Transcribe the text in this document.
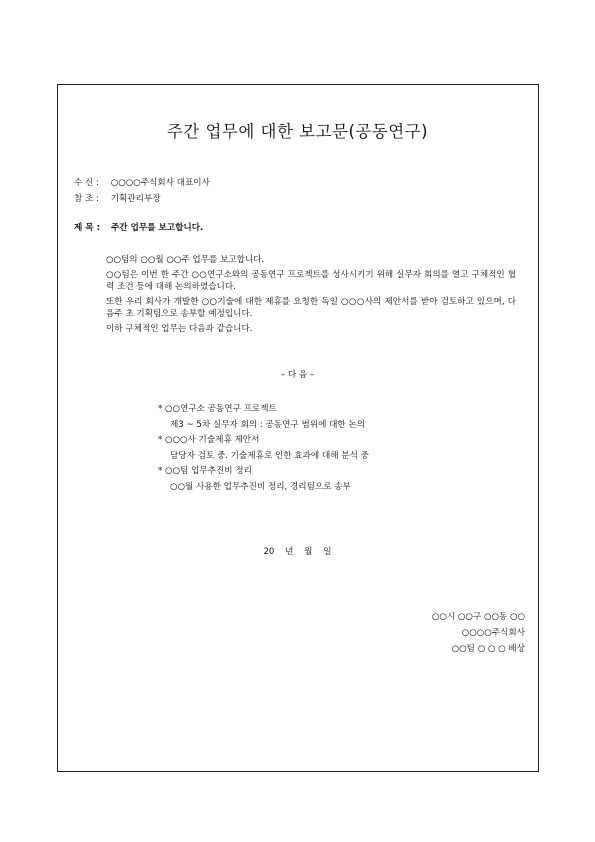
주간 업무에 대한 보고문(공동연구)
수 신 : ○○○○주식회사 대표이사
참 조 : 기획관리부장
제 목 : 주간 업무를 보고합니다.

○○팀의 ○○월 ○○주 업무를 보고합니다.

○○팀은 이번 한 주간 ○○연구소와의 공동연구 프로젝트를 성사시키기 위해 실무자 회의를 열고 구체적인 협력 조건 등에 대해 논의하였습니다.

또한 우리 회사가 개발한 ○○기술에 대한 제휴를 요청한 독일 ○○○사의 제안서를 받아 검토하고 있으며, 다음주 초 기획팀으로 송부할 예정입니다.

이하 구체적인 업무는 다음과 같습니다.

– 다 음 –
* ○○연구소 공동연구 프로젝트
제3 ~ 5차 실무자 회의 : 공동연구 범위에 대한 논의
* ○○○사 기술제휴 제안서
담당자 검토 중. 기술제휴로 인한 효과에 대해 분석 중
* ○○팀 업무추진비 정리
○○월 사용한 업무추진비 정리, 경리팀으로 송부
20 년 월 일
○○시 ○○구 ○○동 ○○
○○○○주식회사
○○팀 ○ ○ ○ 배상
